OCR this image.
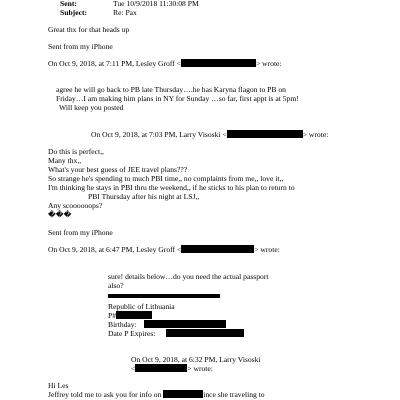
Sent:	Tue 10/9/2018 11:30:08 PM
Subject:	Re: Pax
Great thx for that heads up
Sent from my iPhone
On Oct 9, 2018, at 7:11 PM, Lesley Groff <	> wrote:
agree he will go back to PB late Thursday….he has Karyna flagon to PB on
Friday…I am making him plans in NY for Sunday …so far, first appt is at 5pm!
Will keep you posted
On Oct 9, 2018, at 7:03 PM, Larry Visoski <	> wrote:
Do this is perfect,,
Many thx,,
What's your best guess of JEE travel plans???
So strange he's spending to much PBI time,, no complaints from me,, love it,,
I'm thinking he stays in PBI thru the weekend,, if he sticks to his plan to return to
PBI Thursday after his night at LSJ,,
Any scoooooops?
���
Sent from my iPhone
On Oct 9, 2018, at 6:47 PM, Lesley Groff <	> wrote:
sure! details below…do you need the actual passport
also?
Republic of Lithuania
P#
Birthday:
Date P Expires:
On Oct 9, 2018, at 6:32 PM, Larry Visoski
<	> wrote:
Hi Les
Jeffrey told me to ask you for info on	ince she traveling to
